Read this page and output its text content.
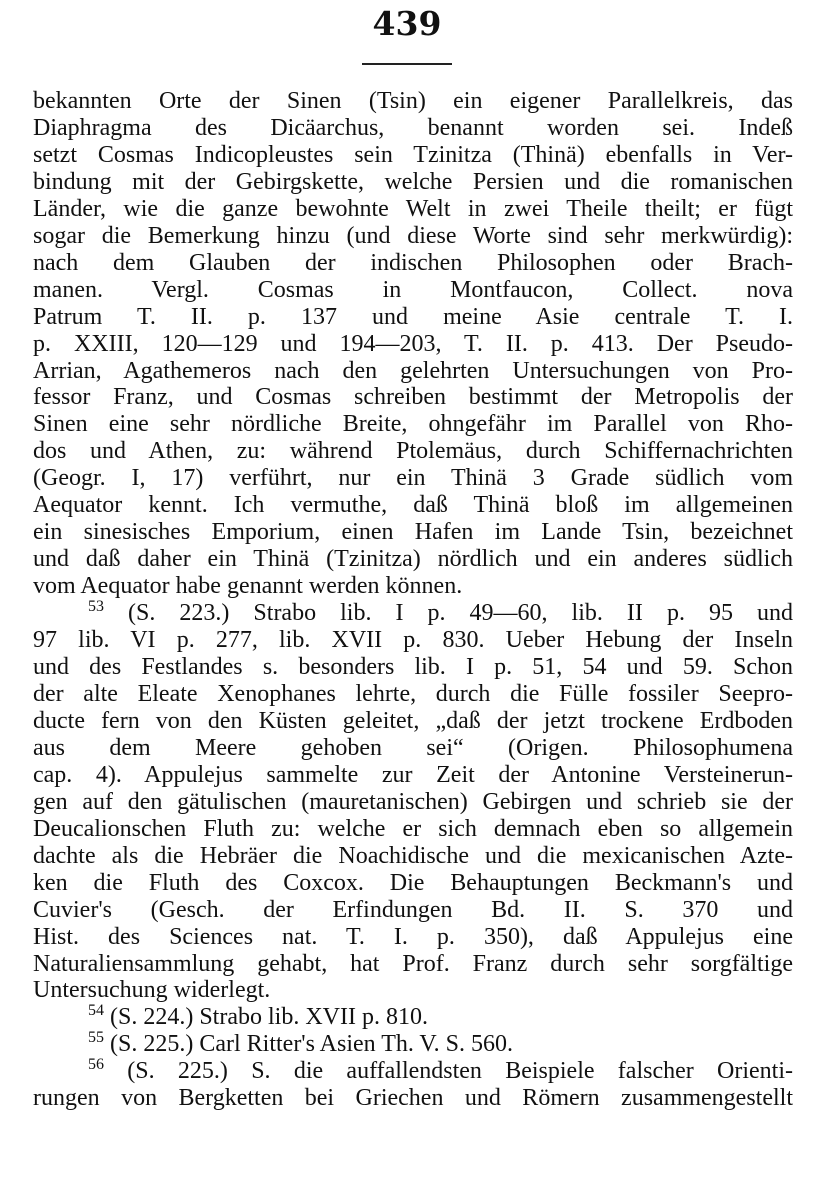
439
bekannten Orte der Sinen (Tsin) ein eigener Parallelkreis, das
Diaphragma des Dicäarchus, benannt worden sei. Indeß
setzt Cosmas Indicopleustes sein Tzinitza (Thinä) ebenfalls in Ver-
bindung mit der Gebirgskette, welche Persien und die romanischen
Länder, wie die ganze bewohnte Welt in zwei Theile theilt; er fügt
sogar die Bemerkung hinzu (und diese Worte sind sehr merkwürdig):
nach dem Glauben der indischen Philosophen oder Brach-
manen. Vergl. Cosmas in Montfaucon, Collect. nova
Patrum T. II. p. 137 und meine Asie centrale T. I.
p. XXIII, 120—129 und 194—203, T. II. p. 413. Der Pseudo-
Arrian, Agathemeros nach den gelehrten Untersuchungen von Pro-
fessor Franz, und Cosmas schreiben bestimmt der Metropolis der
Sinen eine sehr nördliche Breite, ohngefähr im Parallel von Rho-
dos und Athen, zu: während Ptolemäus, durch Schiffernachrichten
(Geogr. I, 17) verführt, nur ein Thinä 3 Grade südlich vom
Aequator kennt. Ich vermuthe, daß Thinä bloß im allgemeinen
ein sinesisches Emporium, einen Hafen im Lande Tsin, bezeichnet
und daß daher ein Thinä (Tzinitza) nördlich und ein anderes südlich
vom Aequator habe genannt werden können.
$^{53}$ (S. 223.) Strabo lib. I p. 49—60, lib. II p. 95 und
97 lib. VI p. 277, lib. XVII p. 830. Ueber Hebung der Inseln
und des Festlandes s. besonders lib. I p. 51, 54 und 59. Schon
der alte Eleate Xenophanes lehrte, durch die Fülle fossiler Seepro-
ducte fern von den Küsten geleitet, „daß der jetzt trockene Erdboden
aus dem Meere gehoben sei“ (Origen. Philosophumena
cap. 4). Appulejus sammelte zur Zeit der Antonine Versteinerun-
gen auf den gätulischen (mauretanischen) Gebirgen und schrieb sie der
Deucalionschen Fluth zu: welche er sich demnach eben so allgemein
dachte als die Hebräer die Noachidische und die mexicanischen Azte-
ken die Fluth des Coxcox. Die Behauptungen Beckmann's und
Cuvier's (Gesch. der Erfindungen Bd. II. S. 370 und
Hist. des Sciences nat. T. I. p. 350), daß Appulejus eine
Naturaliensammlung gehabt, hat Prof. Franz durch sehr sorgfältige
Untersuchung widerlegt.
$^{54}$ (S. 224.) Strabo lib. XVII p. 810.
$^{55}$ (S. 225.) Carl Ritter's Asien Th. V. S. 560.
$^{56}$ (S. 225.) S. die auffallendsten Beispiele falscher Orienti-
rungen von Bergketten bei Griechen und Römern zusammengestellt
